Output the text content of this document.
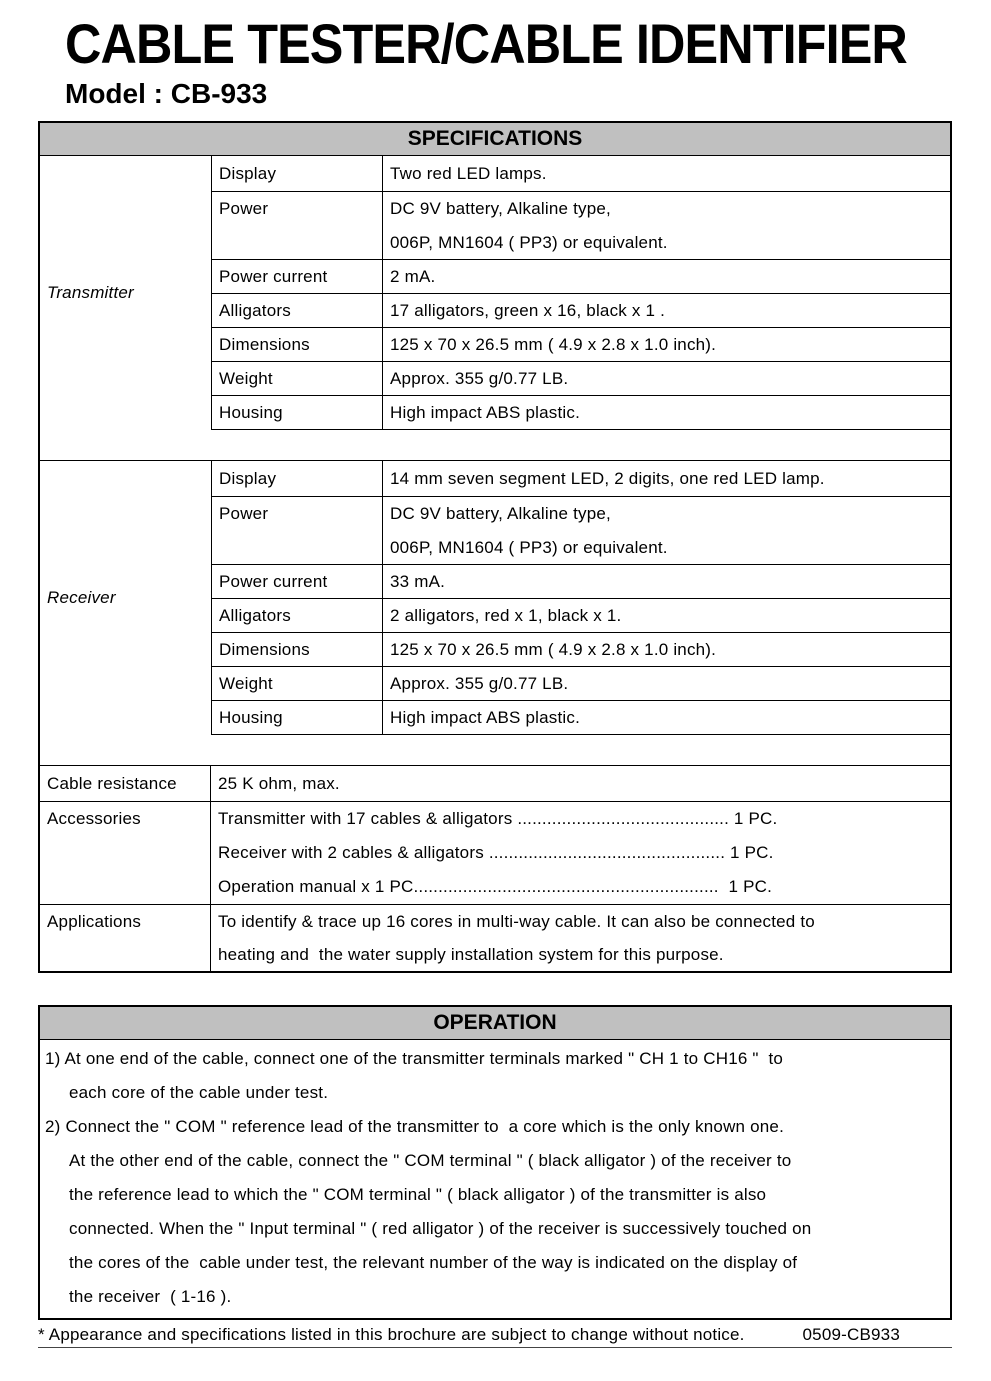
CABLE TESTER/CABLE IDENTIFIER
Model : CB-933
SPECIFICATIONS
Transmitter
Display	Two red LED lamps.
Power	DC 9V battery, Alkaline type,
006P, MN1604 ( PP3) or equivalent.
Power current	2 mA.
Alligators	17 alligators, green x 16, black x 1 .
Dimensions	125 x 70 x 26.5 mm ( 4.9 x 2.8 x 1.0 inch).
Weight	Approx. 355 g/0.77 LB.
Housing	High impact ABS plastic.
Receiver
Display	14 mm seven segment LED, 2 digits, one red LED lamp.
Power	DC 9V battery, Alkaline type,
006P, MN1604 ( PP3) or equivalent.
Power current	33 mA.
Alligators	2 alligators, red x 1, black x 1.
Dimensions	125 x 70 x 26.5 mm ( 4.9 x 2.8 x 1.0 inch).
Weight	Approx. 355 g/0.77 LB.
Housing	High impact ABS plastic.
Cable resistance	25 K ohm, max.
Accessories	Transmitter with 17 cables & alligators ........................................... 1 PC.
Receiver with 2 cables & alligators ................................................ 1 PC.
Operation manual x 1 PC..............................................................  1 PC.
Applications	To identify & trace up 16 cores in multi-way cable. It can also be connected to
heating and  the water supply installation system for this purpose.
OPERATION
1) At one end of the cable, connect one of the transmitter terminals marked " CH 1 to CH16 "  to
each core of the cable under test.
2) Connect the " COM " reference lead of the transmitter to  a core which is the only known one.
At the other end of the cable, connect the " COM terminal " ( black alligator ) of the receiver to
the reference lead to which the " COM terminal " ( black alligator ) of the transmitter is also
connected. When the " Input terminal " ( red alligator ) of the receiver is successively touched on
the cores of the  cable under test, the relevant number of the way is indicated on the display of
the receiver  ( 1-16 ).
* Appearance and specifications listed in this brochure are subject to change without notice.	0509-CB933
